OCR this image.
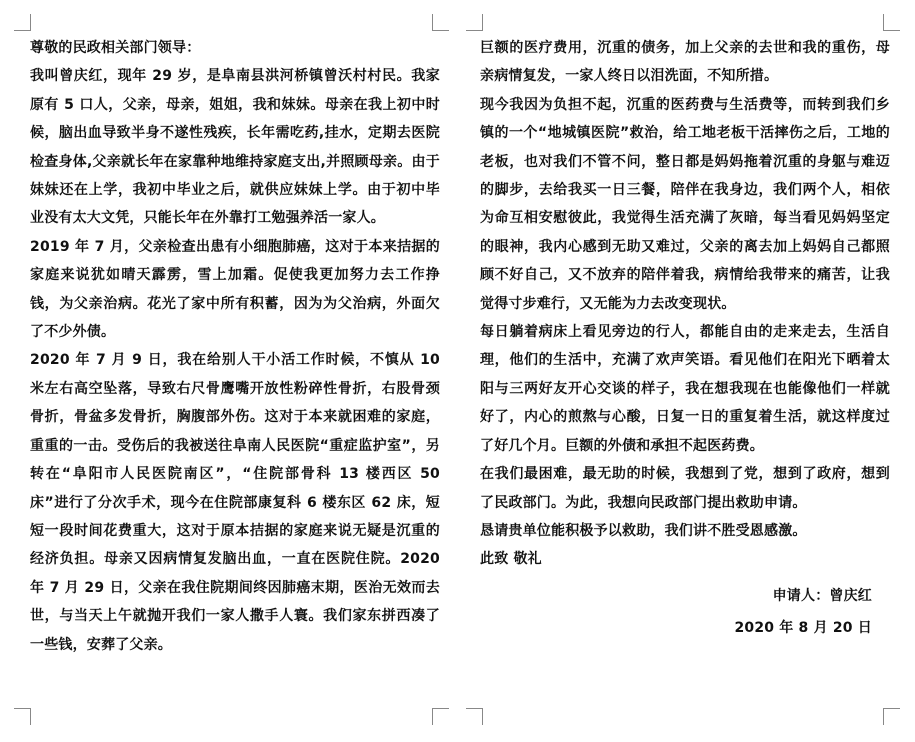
尊敬的民政相关部门领导：

我叫曾庆红，现年 29 岁，是阜南县洪河桥镇曾沃村村民。我家原有 5 口人，父亲，母亲，姐姐，我和妹妹。母亲在我上初中时候，脑出血导致半身不遂性残疾，长年需吃药,挂水，定期去医院检查身体,父亲就长年在家靠种地维持家庭支出,并照顾母亲。由于妹妹还在上学，我初中毕业之后，就供应妹妹上学。由于初中毕业没有太大文凭，只能长年在外靠打工勉强养活一家人。

2019 年 7 月，父亲检查出患有小细胞肺癌，这对于本来拮据的家庭来说犹如晴天霹雳，雪上加霜。促使我更加努力去工作挣钱，为父亲治病。花光了家中所有积蓄，因为为父治病，外面欠了不少外债。

2020 年 7 月 9 日，我在给别人干小活工作时候，不慎从 10 米左右高空坠落，导致右尺骨鹰嘴开放性粉碎性骨折，右股骨颈骨折，骨盆多发骨折，胸腹部外伤。这对于本来就困难的家庭，重重的一击。受伤后的我被送往阜南人民医院“重症监护室”，另转在“阜阳市人民医院南区”，“住院部骨科 13 楼西区 50 床”进行了分次手术，现今在住院部康复科 6 楼东区 62 床，短短一段时间花费重大，这对于原本拮据的家庭来说无疑是沉重的经济负担。母亲又因病情复发脑出血，一直在医院住院。2020 年 7 月 29 日，父亲在我住院期间终因肺癌末期，医治无效而去世，与当天上午就抛开我们一家人撒手人寰。我们家东拼西凑了一些钱，安葬了父亲。

巨额的医疗费用，沉重的债务，加上父亲的去世和我的重伤，母亲病情复发，一家人终日以泪洗面，不知所措。

现今我因为负担不起，沉重的医药费与生活费等，而转到我们乡镇的一个“地城镇医院”救治，给工地老板干活摔伤之后，工地的老板，也对我们不管不问，整日都是妈妈拖着沉重的身躯与难迈的脚步，去给我买一日三餐，陪伴在我身边，我们两个人，相依为命互相安慰彼此，我觉得生活充满了灰暗，每当看见妈妈坚定的眼神，我内心感到无助又难过，父亲的离去加上妈妈自己都照顾不好自己，又不放弃的陪伴着我，病情给我带来的痛苦，让我觉得寸步难行，又无能为力去改变现状。

每日躺着病床上看见旁边的行人，都能自由的走来走去，生活自理，他们的生活中，充满了欢声笑语。看见他们在阳光下晒着太阳与三两好友开心交谈的样子，我在想我现在也能像他们一样就好了，内心的煎熬与心酸，日复一日的重复着生活，就这样度过了好几个月。巨额的外债和承担不起医药费。

在我们最困难，最无助的时候，我想到了党，想到了政府，想到了民政部门。为此，我想向民政部门提出救助申请。

恳请贵单位能积极予以救助，我们讲不胜受恩感激。

此致 敬礼

申请人：曾庆红

2020 年 8 月 20 日
